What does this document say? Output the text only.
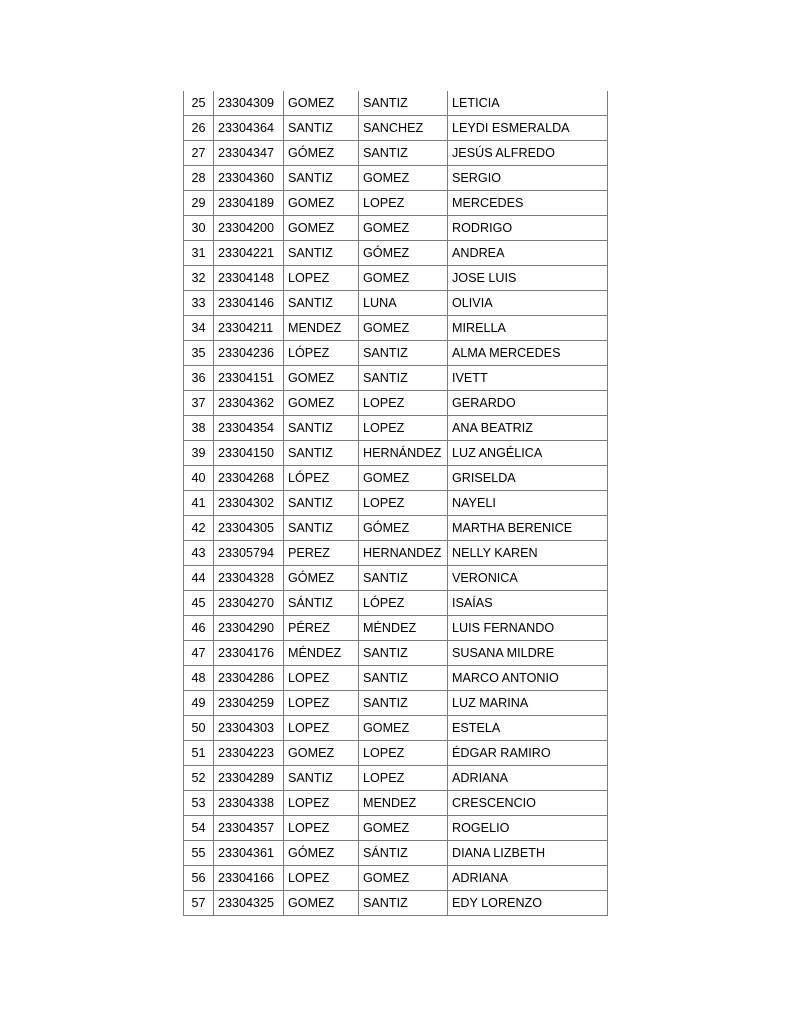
25	23304309	GOMEZ	SANTIZ	LETICIA
26	23304364	SANTIZ	SANCHEZ	LEYDI ESMERALDA
27	23304347	GÓMEZ	SANTIZ	JESÚS ALFREDO
28	23304360	SANTIZ	GOMEZ	SERGIO
29	23304189	GOMEZ	LOPEZ	MERCEDES
30	23304200	GOMEZ	GOMEZ	RODRIGO
31	23304221	SANTIZ	GÓMEZ	ANDREA
32	23304148	LOPEZ	GOMEZ	JOSE LUIS
33	23304146	SANTIZ	LUNA	OLIVIA
34	23304211	MENDEZ	GOMEZ	MIRELLA
35	23304236	LÓPEZ	SANTIZ	ALMA MERCEDES
36	23304151	GOMEZ	SANTIZ	IVETT
37	23304362	GOMEZ	LOPEZ	GERARDO
38	23304354	SANTIZ	LOPEZ	ANA BEATRIZ
39	23304150	SANTIZ	HERNÁNDEZ	LUZ ANGÉLICA
40	23304268	LÓPEZ	GOMEZ	GRISELDA
41	23304302	SANTIZ	LOPEZ	NAYELI
42	23304305	SANTIZ	GÓMEZ	MARTHA BERENICE
43	23305794	PEREZ	HERNANDEZ	NELLY KAREN
44	23304328	GÓMEZ	SANTIZ	VERONICA
45	23304270	SÁNTIZ	LÓPEZ	ISAÍAS
46	23304290	PÉREZ	MÉNDEZ	LUIS FERNANDO
47	23304176	MÉNDEZ	SANTIZ	SUSANA MILDRE
48	23304286	LOPEZ	SANTIZ	MARCO ANTONIO
49	23304259	LOPEZ	SANTIZ	LUZ MARINA
50	23304303	LOPEZ	GOMEZ	ESTELA
51	23304223	GOMEZ	LOPEZ	ÉDGAR RAMIRO
52	23304289	SANTIZ	LOPEZ	ADRIANA
53	23304338	LOPEZ	MENDEZ	CRESCENCIO
54	23304357	LOPEZ	GOMEZ	ROGELIO
55	23304361	GÓMEZ	SÁNTIZ	DIANA LIZBETH
56	23304166	LOPEZ	GOMEZ	ADRIANA
57	23304325	GOMEZ	SANTIZ	EDY LORENZO
